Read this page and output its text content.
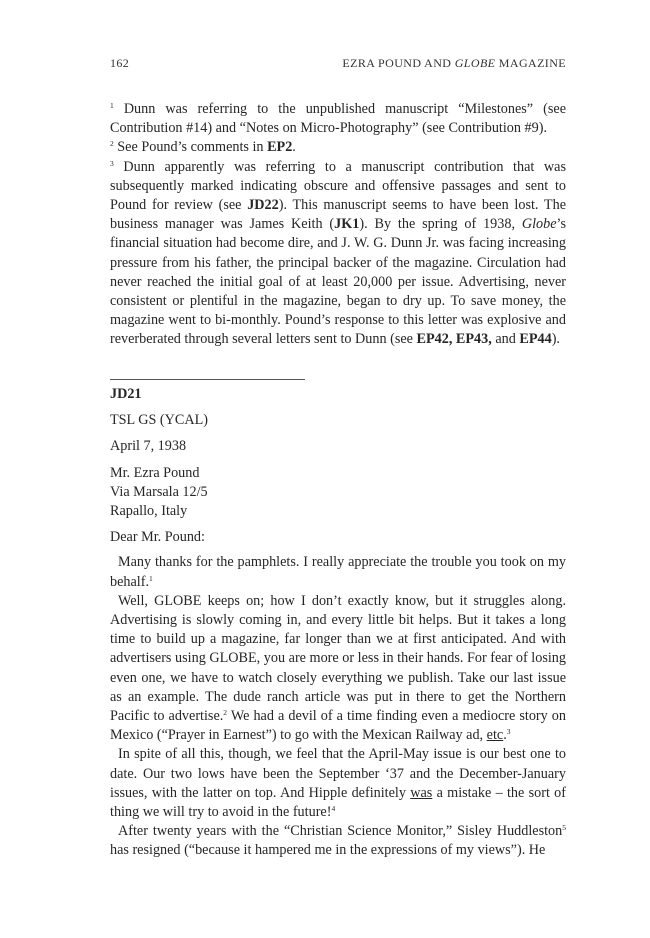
162	EZRA POUND AND GLOBE MAGAZINE

$^1$ Dunn was referring to the unpublished manuscript “Milestones” (see Contribution #14) and “Notes on Micro-Photography” (see Contribution #9).

$^2$ See Pound’s comments in EP2.

$^3$ Dunn apparently was referring to a manuscript contribution that was subsequently marked indicating obscure and offensive passages and sent to Pound for review (see JD22). This manuscript seems to have been lost. The business manager was James Keith (JK1). By the spring of 1938, Globe’s financial situation had become dire, and J. W. G. Dunn Jr. was facing increasing pressure from his father, the principal backer of the magazine. Circulation had never reached the initial goal of at least 20,000 per issue. Advertising, never consistent or plentiful in the magazine, began to dry up. To save money, the magazine went to bi-monthly. Pound’s response to this letter was explosive and reverberated through several letters sent to Dunn (see EP42, EP43, and EP44).

JD21
TSL GS (YCAL)
April 7, 1938
Mr. Ezra Pound
Via Marsala 12/5
Rapallo, Italy
Dear Mr. Pound:

Many thanks for the pamphlets. I really appreciate the trouble you took on my behalf.$^1$

Well, GLOBE keeps on; how I don’t exactly know, but it struggles along. Advertising is slowly coming in, and every little bit helps. But it takes a long time to build up a magazine, far longer than we at first anticipated. And with advertisers using GLOBE, you are more or less in their hands. For fear of losing even one, we have to watch closely everything we publish. Take our last issue as an example. The dude ranch article was put in there to get the Northern Pacific to advertise.$^2$ We had a devil of a time finding even a mediocre story on Mexico (“Prayer in Earnest”) to go with the Mexican Railway ad, etc.$^3$

In spite of all this, though, we feel that the April-May issue is our best one to date. Our two lows have been the September ‘37 and the December-January issues, with the latter on top. And Hipple definitely was a mistake – the sort of thing we will try to avoid in the future!$^4$

After twenty years with the “Christian Science Monitor,” Sisley Huddleston$^5$ has resigned (“because it hampered me in the expressions of my views”). He
